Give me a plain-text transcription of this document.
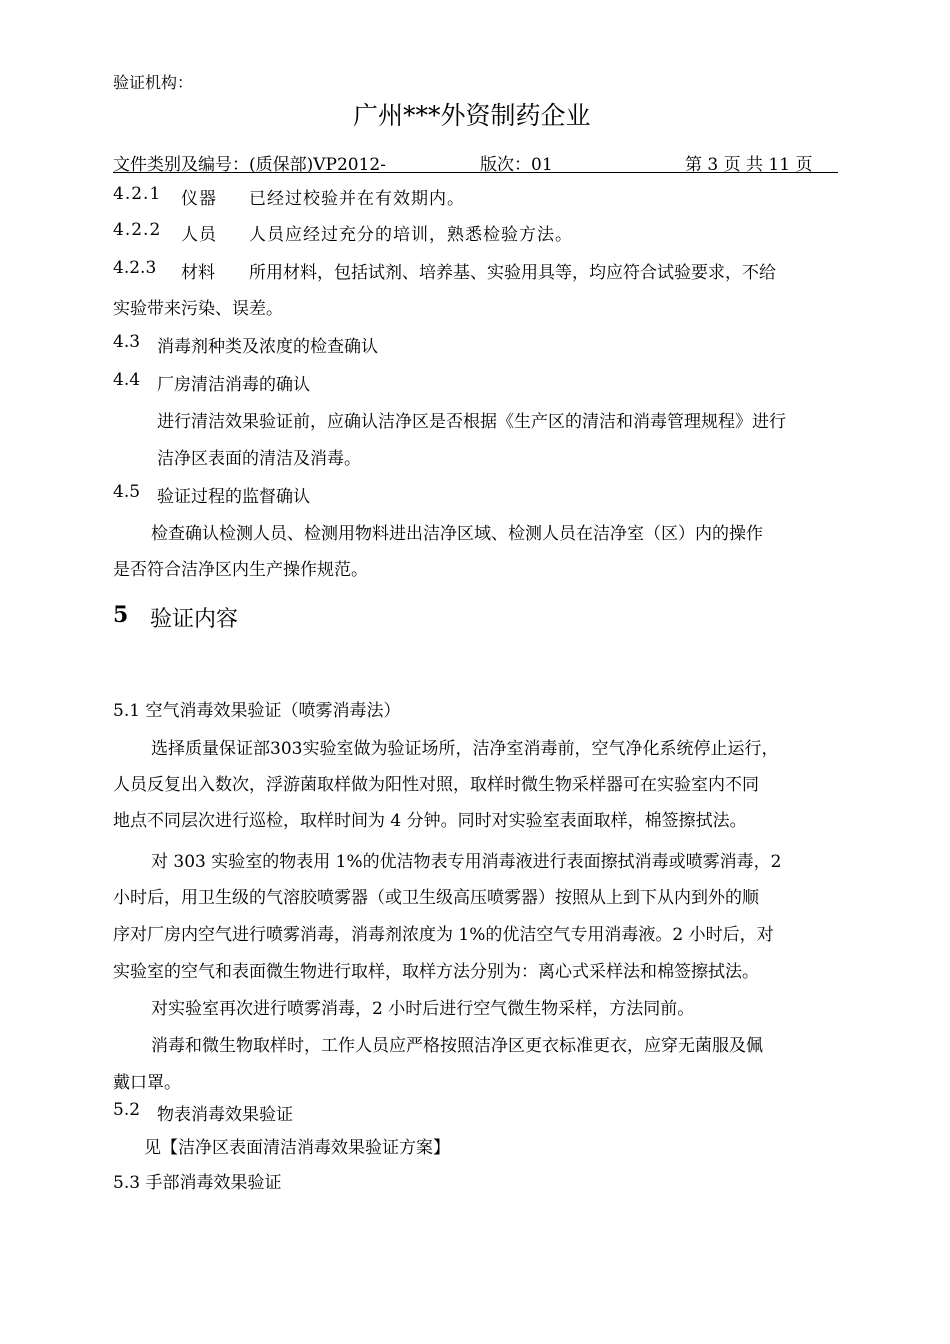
验证机构：
广州***外资制药企业
文件类别及编号：(质保部)VP2012-	版次：01	第 3 页 共 11 页
4.2.1 仪器 已经过校验并在有效期内。
4.2.2 人员 人员应经过充分的培训，熟悉检验方法。
4.2.3 材料 所用材料，包括试剂、培养基、实验用具等，均应符合试验要求，不给
实验带来污染、误差。
4.3 消毒剂种类及浓度的检查确认
4.4 厂房清洁消毒的确认
进行清洁效果验证前，应确认洁净区是否根据《生产区的清洁和消毒管理规程》进行
洁净区表面的清洁及消毒。
4.5 验证过程的监督确认
检查确认检测人员、检测用物料进出洁净区域、检测人员在洁净室（区）内的操作
是否符合洁净区内生产操作规范。
5 验证内容
5.1 空气消毒效果验证（喷雾消毒法）
选择质量保证部303实验室做为验证场所，洁净室消毒前，空气净化系统停止运行，
人员反复出入数次，浮游菌取样做为阳性对照，取样时微生物采样器可在实验室内不同
地点不同层次进行巡检，取样时间为 4 分钟。同时对实验室表面取样，棉签擦拭法。
对 303 实验室的物表用 1%的优洁物表专用消毒液进行表面擦拭消毒或喷雾消毒，2
小时后，用卫生级的气溶胶喷雾器（或卫生级高压喷雾器）按照从上到下从内到外的顺
序对厂房内空气进行喷雾消毒，消毒剂浓度为 1%的优洁空气专用消毒液。2 小时后，对
实验室的空气和表面微生物进行取样，取样方法分别为：离心式采样法和棉签擦拭法。
对实验室再次进行喷雾消毒，2 小时后进行空气微生物采样，方法同前。
消毒和微生物取样时，工作人员应严格按照洁净区更衣标准更衣，应穿无菌服及佩
戴口罩。
5.2 物表消毒效果验证
见【洁净区表面清洁消毒效果验证方案】
5.3 手部消毒效果验证
